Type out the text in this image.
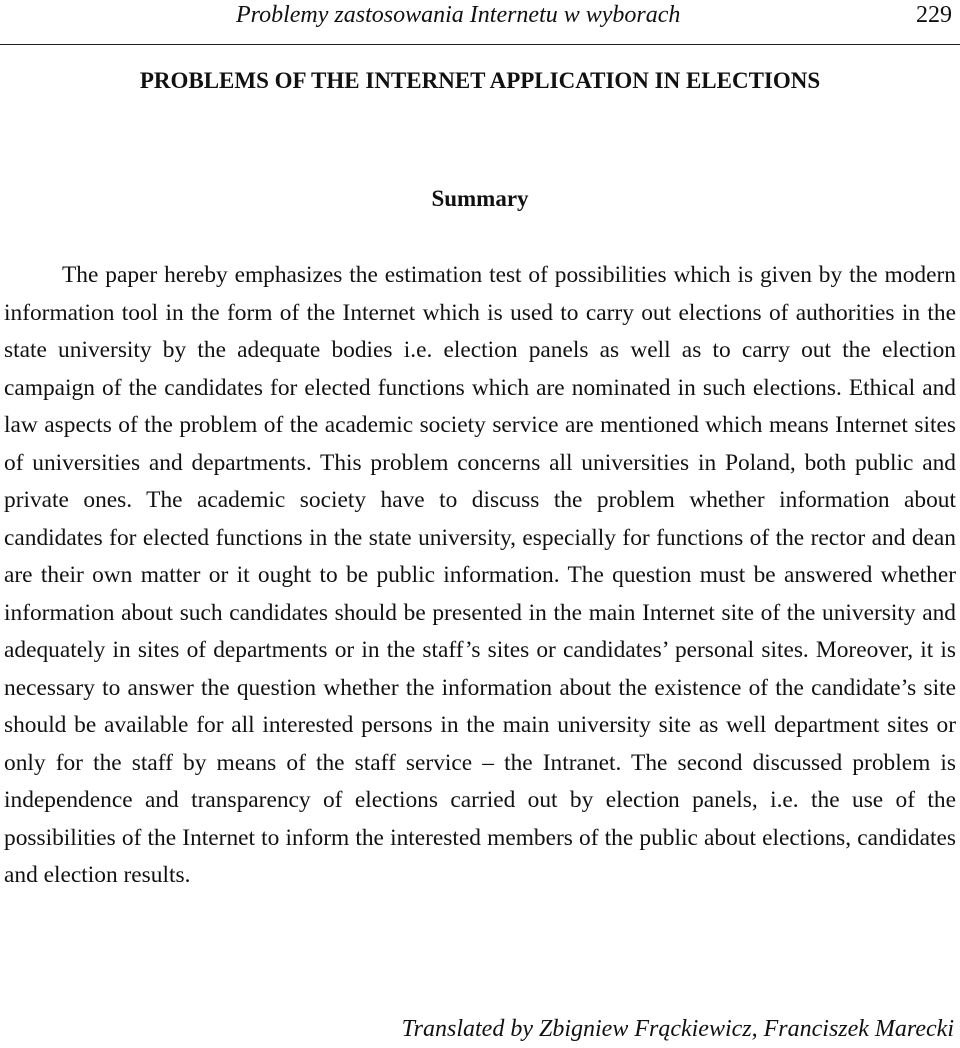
Problemy zastosowania Internetu w wyborach	229
PROBLEMS OF THE INTERNET APPLICATION IN ELECTIONS
Summary

The paper hereby emphasizes the estimation test of possibilities which is given by the modern information tool in the form of the Internet which is used to carry out elections of authorities in the state university by the adequate bodies i.e. election panels as well as to carry out the election campaign of the candidates for elected functions which are nominated in such elections. Ethical and law aspects of the problem of the academic society service are mentioned which means Internet sites of universities and departments. This problem concerns all universities in Poland, both public and private ones. The academic society have to discuss the problem whether information about candidates for elected functions in the state university, especially for functions of the rector and dean are their own matter or it ought to be public information. The question must be answered whether information about such candidates should be presented in the main Internet site of the university and adequately in sites of departments or in the staff’s sites or candidates’ personal sites. Moreover, it is necessary to answer the question whether the information about the existence of the candidate’s site should be available for all interested persons in the main university site as well department sites or only for the staff by means of the staff service – the Intranet. The second discussed problem is independence and transparency of elections carried out by election panels, i.e. the use of the possibilities of the Internet to inform the interested members of the public about elections, candidates and election results.

Translated by Zbigniew Frąckiewicz, Franciszek Marecki
